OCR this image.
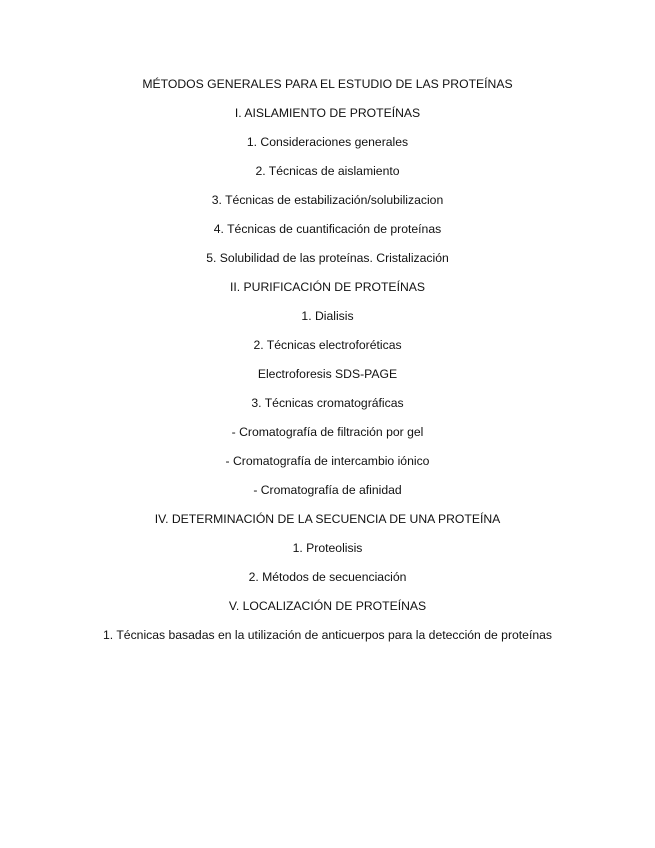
MÉTODOS GENERALES PARA EL ESTUDIO DE LAS PROTEÍNAS
I. AISLAMIENTO DE PROTEÍNAS
1. Consideraciones generales
2. Técnicas de aislamiento
3. Técnicas de estabilización/solubilizacion
4. Técnicas de cuantificación de proteínas
5. Solubilidad de las proteínas. Cristalización
II. PURIFICACIÓN DE PROTEÍNAS
1. Dialisis
2. Técnicas electroforéticas
Electroforesis SDS-PAGE
3. Técnicas cromatográficas
- Cromatografía de filtración por gel
- Cromatografía de intercambio iónico
- Cromatografía de afinidad
IV. DETERMINACIÓN DE LA SECUENCIA DE UNA PROTEÍNA
1. Proteolisis
2. Métodos de secuenciación
V. LOCALIZACIÓN DE PROTEÍNAS
1. Técnicas basadas en la utilización de anticuerpos para la detección de proteínas
